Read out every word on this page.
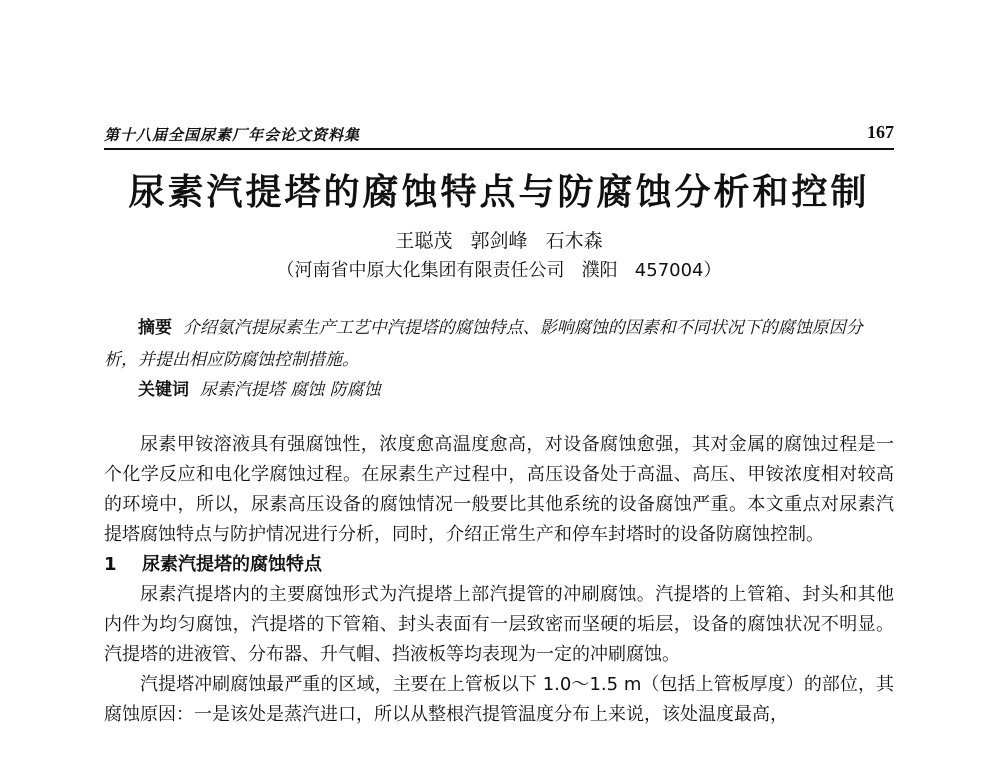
第十八届全国尿素厂年会论文资料集	167
尿素汽提塔的腐蚀特点与防腐蚀分析和控制
王聪茂   郭剑峰   石木森
（河南省中原大化集团有限责任公司   濮阳   457004）
摘要 介绍氨汽提尿素生产工艺中汽提塔的腐蚀特点、影响腐蚀的因素和不同状况下的腐蚀原因分析，并提出相应防腐蚀控制措施。
关键词 尿素汽提塔 腐蚀 防腐蚀

尿素甲铵溶液具有强腐蚀性，浓度愈高温度愈高，对设备腐蚀愈强，其对金属的腐蚀过程是一个化学反应和电化学腐蚀过程。在尿素生产过程中，高压设备处于高温、高压、甲铵浓度相对较高的环境中，所以，尿素高压设备的腐蚀情况一般要比其他系统的设备腐蚀严重。本文重点对尿素汽提塔腐蚀特点与防护情况进行分析，同时，介绍正常生产和停车封塔时的设备防腐蚀控制。

1 尿素汽提塔的腐蚀特点

尿素汽提塔内的主要腐蚀形式为汽提塔上部汽提管的冲刷腐蚀。汽提塔的上管箱、封头和其他内件为均匀腐蚀，汽提塔的下管箱、封头表面有一层致密而坚硬的垢层，设备的腐蚀状况不明显。汽提塔的进液管、分布器、升气帽、挡液板等均表现为一定的冲刷腐蚀。

汽提塔冲刷腐蚀最严重的区域，主要在上管板以下 1.0～1.5 m（包括上管板厚度）的部位，其腐蚀原因：一是该处是蒸汽进口，所以从整根汽提管温度分布上来说，该处温度最高，
